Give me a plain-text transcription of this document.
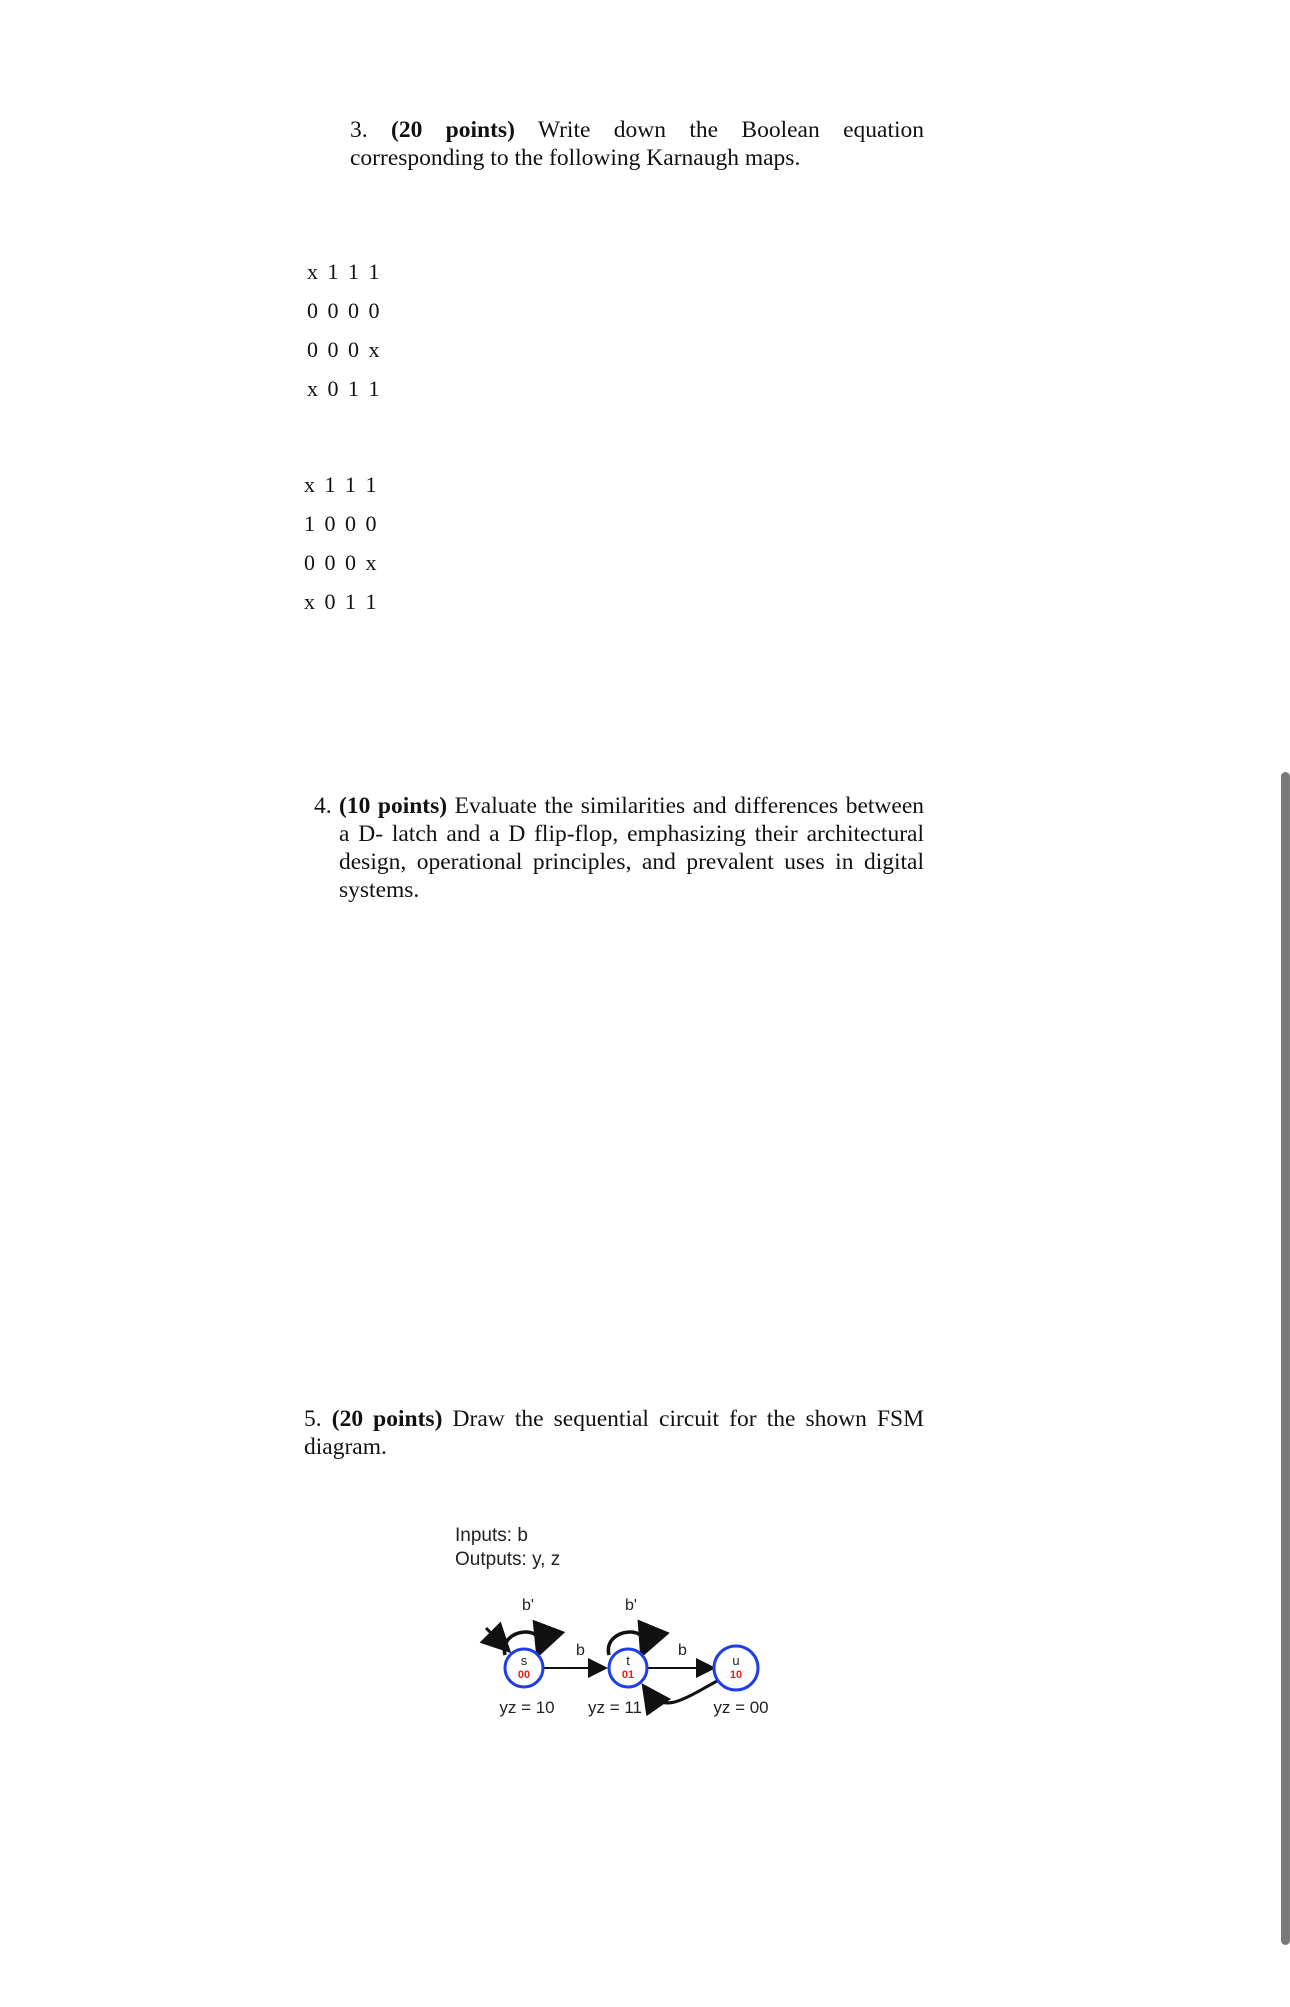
3. (20 points) Write down the Boolean equation corresponding to the following Karnaugh maps.
x 1 1 1
0 0 0 0
0 0 0 x
x 0 1 1
x 1 1 1
1 0 0 0
0 0 0 x
x 0 1 1
4. (10 points) Evaluate the similarities and differences between a D- latch and a D flip-flop, emphasizing their architectural design, operational principles, and prevalent uses in digital systems.
5. (20 points) Draw the sequential circuit for the shown FSM diagram.
Inputs: b
Outputs: y, z
b'	b'
b	b
s
00
t
01
u
10
yz = 10 yz = 11	yz = 00
